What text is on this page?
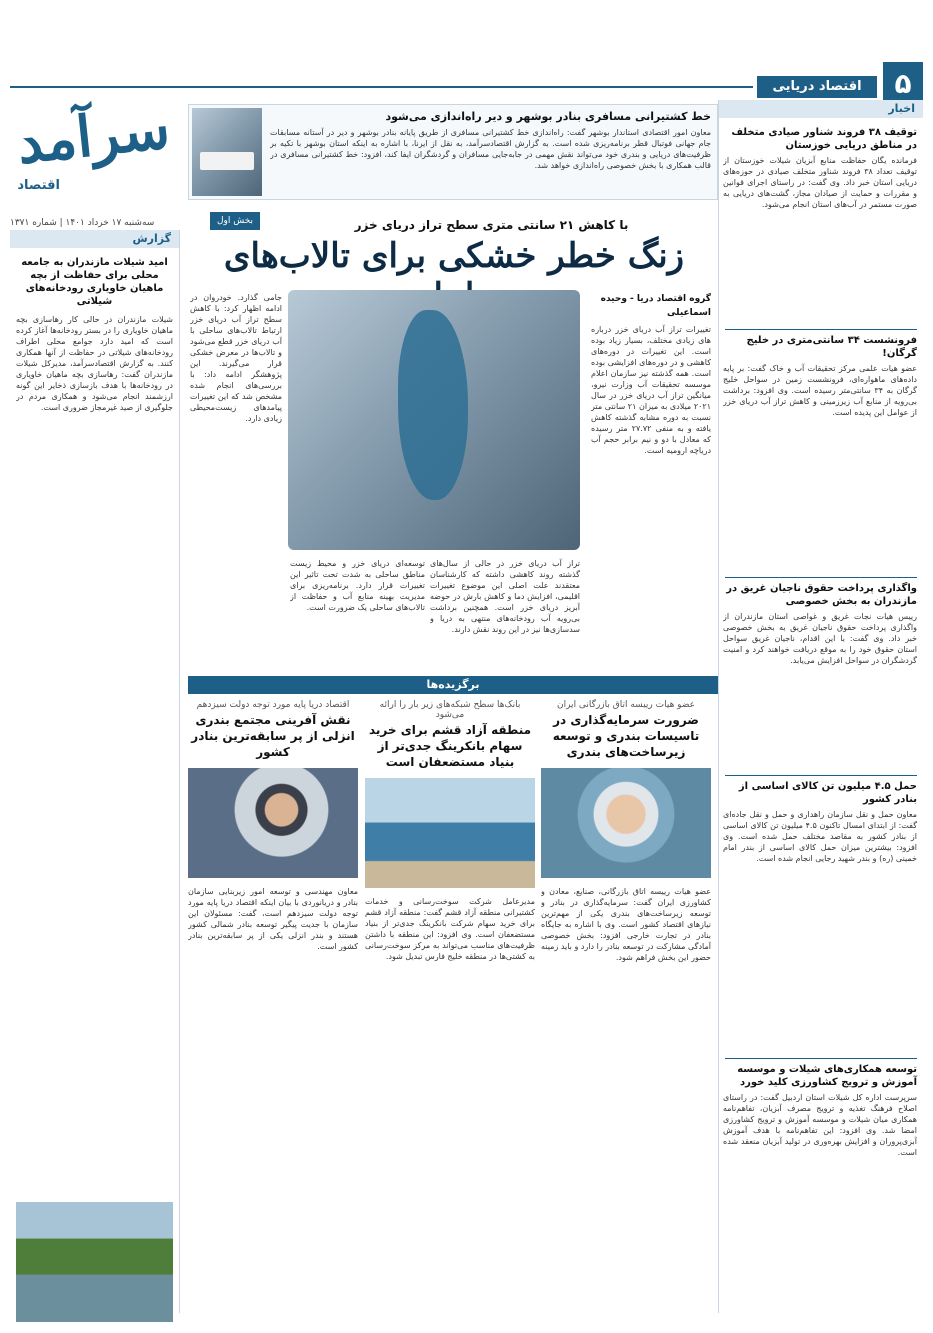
۵
اقتصاد دریایی
سرآمد
اقتصاد
سه‌شنبه ۱۷ خرداد ۱۴۰۱ | شماره ۱۳۷۱
خط کشتیرانی مسافری بنادر بوشهر و دیر راه‌اندازی می‌شود
معاون امور اقتصادی استاندار بوشهر گفت: راه‌اندازی خط کشتیرانی مسافری از طریق پایانه بنادر بوشهر و دیر در آستانه مسابقات جام جهانی فوتبال قطر برنامه‌ریزی شده است. به گزارش اقتصادسرآمد، به نقل از ایرنا، با اشاره به اینکه استان بوشهر با تکیه بر ظرفیت‌های دریایی و بندری خود می‌تواند نقش مهمی در جابه‌جایی مسافران و گردشگران ایفا کند، افزود: خط کشتیرانی مسافری در قالب همکاری با بخش خصوصی راه‌اندازی خواهد شد.
بخش اول	با کاهش ۲۱ سانتی متری سطح تراز دریای خزر
زنگ خطر خشکی برای تالاب‌های
گروه اقتصاد دریا - وحیده اسماعیلی
تغییرات تراز آب دریای خزر درباره های زیادی مختلف، بسیار زیاد بوده است. این تغییرات در دوره‌های کاهشی و در دوره‌های افزایشی بوده است. همه گذشته نیز سازمان اعلام موسسه تحقیقات آب وزارت نیرو، میانگین تراز آب دریای خزر در سال ۲۰۲۱ میلادی به میزان ۲۱ سانتی متر نسبت به دوره مشابه گذشته کاهش یافته و به منفی ۲۷.۷۲ متر رسیده که معادل با دو و نیم برابر حجم آب دریاچه ارومیه است.
تراز آب دریای خزر در حالی از سال‌های گذشته روند کاهشی داشته که کارشناسان معتقدند علت اصلی این موضوع تغییرات اقلیمی، افزایش دما و کاهش بارش در حوضه آبریز دریای خزر است. همچنین برداشت بی‌رویه آب رودخانه‌های منتهی به دریا و سدسازی‌ها نیز در این روند نقش دارند.
توسعه‌ای دریای خزر و محیط زیست مناطق ساحلی به شدت تحت تاثیر این تغییرات قرار دارد. برنامه‌ریزی برای مدیریت بهینه منابع آب و حفاظت از تالاب‌های ساحلی یک ضرورت است.
جامی گذارد. خودروان در ادامه اظهار کرد: با کاهش سطح تراز آب دریای خزر ارتباط تالاب‌های ساحلی با آب دریای خزر قطع می‌شود و تالاب‌ها در معرض خشکی قرار می‌گیرند. این پژوهشگر ادامه داد: با بررسی‌های انجام شده مشخص شد که این تغییرات پیامدهای زیست‌محیطی زیادی دارد.
برگزیده‌ها
عضو هیات رییسه اتاق بازرگانی ایران
ضرورت سرمایه‌گذاری در تاسیسات بندری و توسعه زیرساخت‌های بندری
عضو هیات رییسه اتاق بازرگانی، صنایع، معادن و کشاورزی ایران گفت: سرمایه‌گذاری در بنادر و توسعه زیرساخت‌های بندری یکی از مهم‌ترین نیازهای اقتصاد کشور است. وی با اشاره به جایگاه بنادر در تجارت خارجی افزود: بخش خصوصی آمادگی مشارکت در توسعه بنادر را دارد و باید زمینه حضور این بخش فراهم شود.
بانک‌ها سطح شبکه‌های زیر بار را ارائه می‌شود
منطقه آزاد قشم برای خرید سهام بانکرینگ جدی‌تر از بنیاد مستضعفان است
مدیرعامل شرکت سوخت‌رسانی و خدمات کشتیرانی منطقه آزاد قشم گفت: منطقه آزاد قشم برای خرید سهام شرکت بانکرینگ جدی‌تر از بنیاد مستضعفان است. وی افزود: این منطقه با داشتن ظرفیت‌های مناسب می‌تواند به مرکز سوخت‌رسانی به کشتی‌ها در منطقه خلیج فارس تبدیل شود.
اقتصاد دریا پایه مورد توجه دولت سیزدهم
نقش آفرینی مجتمع بندری انزلی از پر سابقه‌ترین بنادر کشور
معاون مهندسی و توسعه امور زیربنایی سازمان بنادر و دریانوردی با بیان اینکه اقتصاد دریا پایه مورد توجه دولت سیزدهم است، گفت: مسئولان این سازمان با جدیت پیگیر توسعه بنادر شمالی کشور هستند و بندر انزلی یکی از پر سابقه‌ترین بنادر کشور است.
گزارش
امید شیلات مازندران به جامعه محلی برای حفاظت از بچه ماهیان خاویاری رودخانه‌های شیلاتی
شیلات مازندران در حالی کار رهاسازی بچه ماهیان خاویاری را در بستر رودخانه‌ها آغاز کرده است که امید دارد جوامع محلی اطراف رودخانه‌های شیلاتی در حفاظت از آنها همکاری کنند. به گزارش اقتصادسرآمد، مدیرکل شیلات مازندران گفت: رهاسازی بچه ماهیان خاویاری در رودخانه‌ها با هدف بازسازی ذخایر این گونه ارزشمند انجام می‌شود و همکاری مردم در جلوگیری از صید غیرمجاز ضروری است.
اخبار
توقیف ۳۸ فروند شناور صیادی متخلف در مناطق دریایی خوزستان
فرمانده یگان حفاظت منابع آبزیان شیلات خوزستان از توقیف تعداد ۳۸ فروند شناور متخلف صیادی در حوزه‌های دریایی استان خبر داد. وی گفت: در راستای اجرای قوانین و مقررات و حمایت از صیادان مجاز، گشت‌های دریایی به صورت مستمر در آب‌های استان انجام می‌شود.
فرونشست ۳۴ سانتی‌متری در خلیج گرگان!
عضو هیات علمی مرکز تحقیقات آب و خاک گفت: بر پایه داده‌های ماهواره‌ای، فرونشست زمین در سواحل خلیج گرگان به ۳۴ سانتی‌متر رسیده است. وی افزود: برداشت بی‌رویه از منابع آب زیرزمینی و کاهش تراز آب دریای خزر از عوامل این پدیده است.
واگذاری پرداخت حقوق ناجیان غریق در مازندران به بخش خصوصی
رییس هیات نجات غریق و غواصی استان مازندران از واگذاری پرداخت حقوق ناجیان غریق به بخش خصوصی خبر داد. وی گفت: با این اقدام، ناجیان غریق سواحل استان حقوق خود را به موقع دریافت خواهند کرد و امنیت گردشگران در سواحل افزایش می‌یابد.
حمل ۴.۵ میلیون تن کالای اساسی از بنادر کشور
معاون حمل و نقل سازمان راهداری و حمل و نقل جاده‌ای گفت: از ابتدای امسال تاکنون ۴.۵ میلیون تن کالای اساسی از بنادر کشور به مقاصد مختلف حمل شده است. وی افزود: بیشترین میزان حمل کالای اساسی از بندر امام خمینی (ره) و بندر شهید رجایی انجام شده است.
توسعه همکاری‌های شیلات و موسسه آموزش و ترویج کشاورزی کلید خورد
سرپرست اداره کل شیلات استان اردبیل گفت: در راستای اصلاح فرهنگ تغذیه و ترویج مصرف آبزیان، تفاهم‌نامه همکاری میان شیلات و موسسه آموزش و ترویج کشاورزی امضا شد. وی افزود: این تفاهم‌نامه با هدف آموزش آبزی‌پروران و افزایش بهره‌وری در تولید آبزیان منعقد شده است.
